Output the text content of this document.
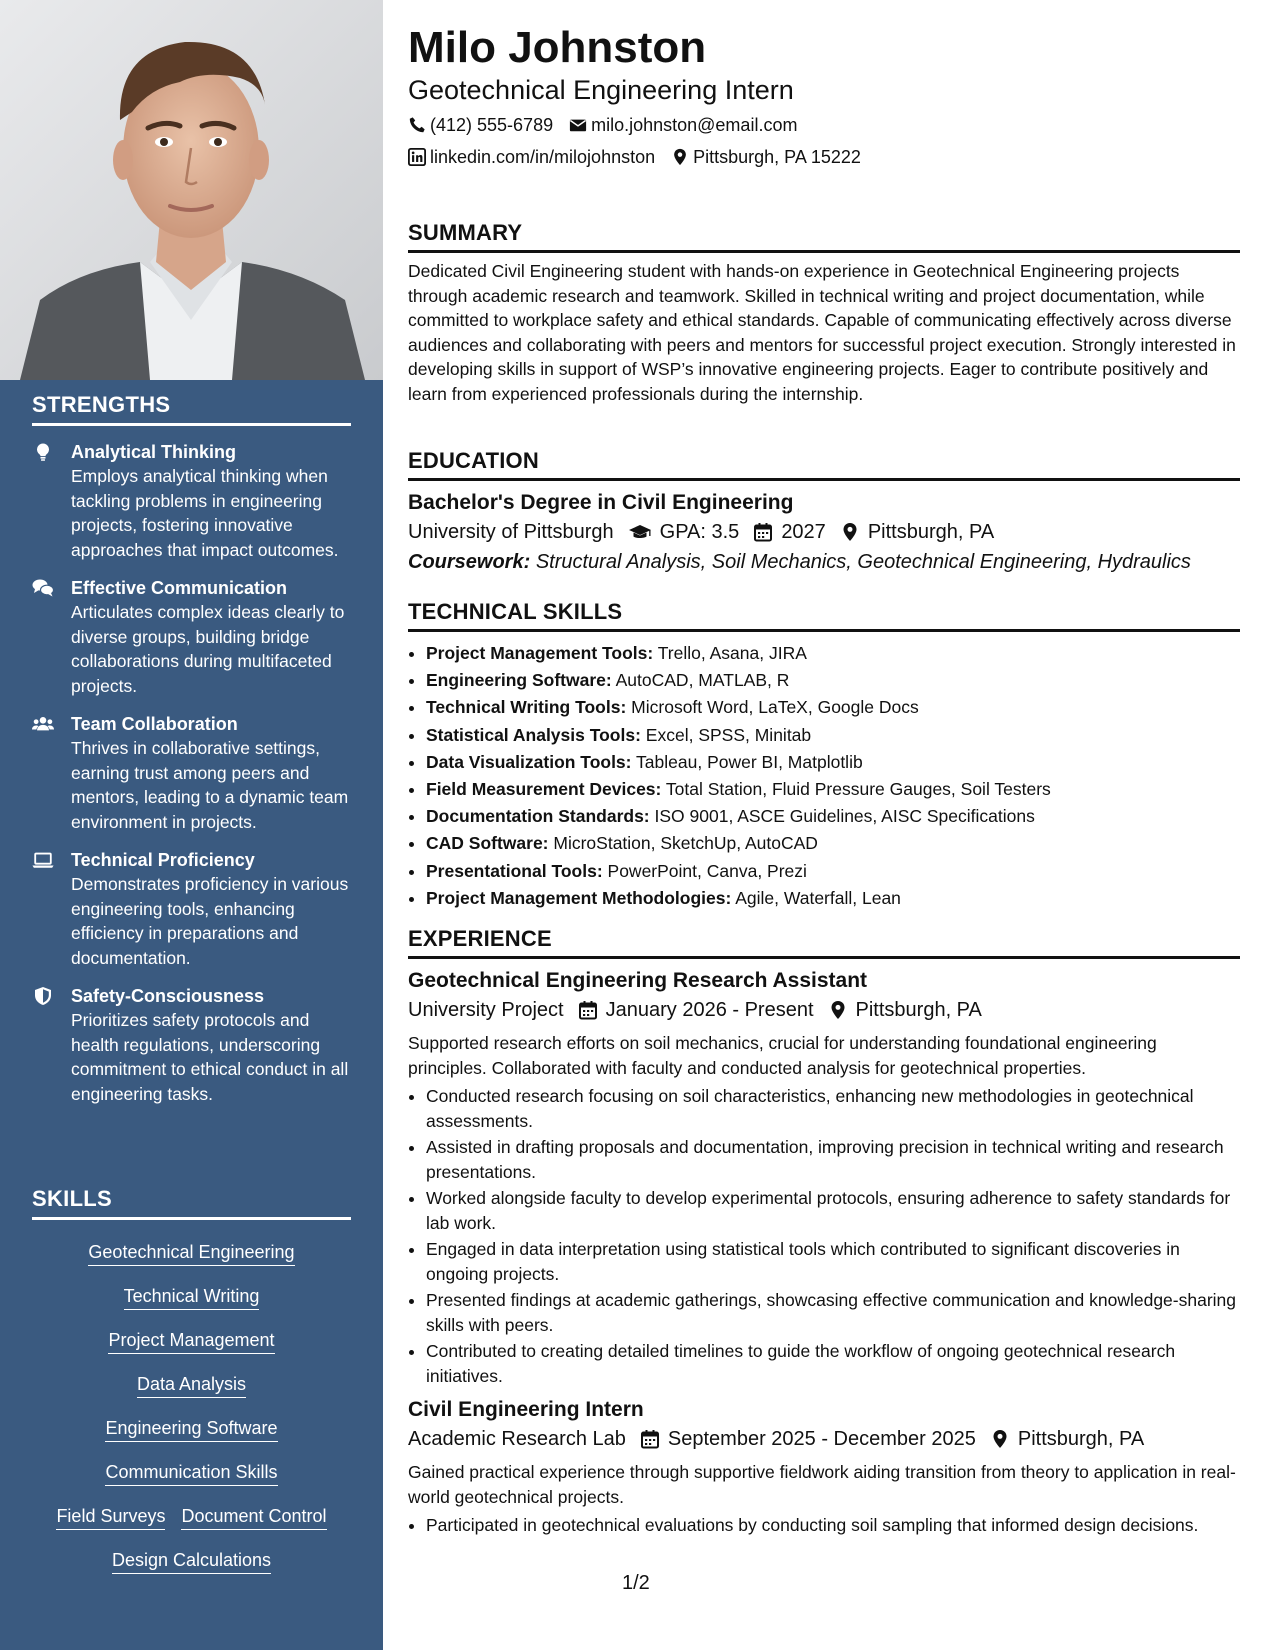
STRENGTHS
Analytical Thinking
Employs analytical thinking when tackling problems in engineering projects, fostering innovative approaches that impact outcomes.
Effective Communication
Articulates complex ideas clearly to diverse groups, building bridge collaborations during multifaceted projects.
Team Collaboration
Thrives in collaborative settings, earning trust among peers and mentors, leading to a dynamic team environment in projects.
Technical Proficiency
Demonstrates proficiency in various engineering tools, enhancing efficiency in preparations and documentation.
Safety-Consciousness
Prioritizes safety protocols and health regulations, underscoring commitment to ethical conduct in all engineering tasks.
SKILLS
Geotechnical Engineering
Technical Writing
Project Management
Data Analysis
Engineering Software
Communication Skills
Field Surveys Document Control
Design Calculations
Milo Johnston
Geotechnical Engineering Intern
(412) 555-6789 milo.johnston@email.com
linkedin.com/in/milojohnston Pittsburgh, PA 15222
SUMMARY
Dedicated Civil Engineering student with hands-on experience in Geotechnical Engineering projects through academic research and teamwork. Skilled in technical writing and project documentation, while committed to workplace safety and ethical standards. Capable of communicating effectively across diverse audiences and collaborating with peers and mentors for successful project execution. Strongly interested in developing skills in support of WSP’s innovative engineering projects. Eager to contribute positively and learn from experienced professionals during the internship.
EDUCATION
Bachelor's Degree in Civil Engineering
University of Pittsburgh GPA: 3.5 2027 Pittsburgh, PA
Coursework: Structural Analysis, Soil Mechanics, Geotechnical Engineering, Hydraulics
TECHNICAL SKILLS
• Project Management Tools: Trello, Asana, JIRA
• Engineering Software: AutoCAD, MATLAB, R
• Technical Writing Tools: Microsoft Word, LaTeX, Google Docs
• Statistical Analysis Tools: Excel, SPSS, Minitab
• Data Visualization Tools: Tableau, Power BI, Matplotlib
• Field Measurement Devices: Total Station, Fluid Pressure Gauges, Soil Testers
• Documentation Standards: ISO 9001, ASCE Guidelines, AISC Specifications
• CAD Software: MicroStation, SketchUp, AutoCAD
• Presentational Tools: PowerPoint, Canva, Prezi
• Project Management Methodologies: Agile, Waterfall, Lean
EXPERIENCE
Geotechnical Engineering Research Assistant
University Project January 2026 - Present Pittsburgh, PA
Supported research efforts on soil mechanics, crucial for understanding foundational engineering principles. Collaborated with faculty and conducted analysis for geotechnical properties.
• Conducted research focusing on soil characteristics, enhancing new methodologies in geotechnical assessments.
• Assisted in drafting proposals and documentation, improving precision in technical writing and research presentations.
• Worked alongside faculty to develop experimental protocols, ensuring adherence to safety standards for lab work.
• Engaged in data interpretation using statistical tools which contributed to significant discoveries in ongoing projects.
• Presented findings at academic gatherings, showcasing effective communication and knowledge-sharing skills with peers.
• Contributed to creating detailed timelines to guide the workflow of ongoing geotechnical research initiatives.
Civil Engineering Intern
Academic Research Lab September 2025 - December 2025 Pittsburgh, PA
Gained practical experience through supportive fieldwork aiding transition from theory to application in real-world geotechnical projects.
• Participated in geotechnical evaluations by conducting soil sampling that informed design decisions.
1/2
